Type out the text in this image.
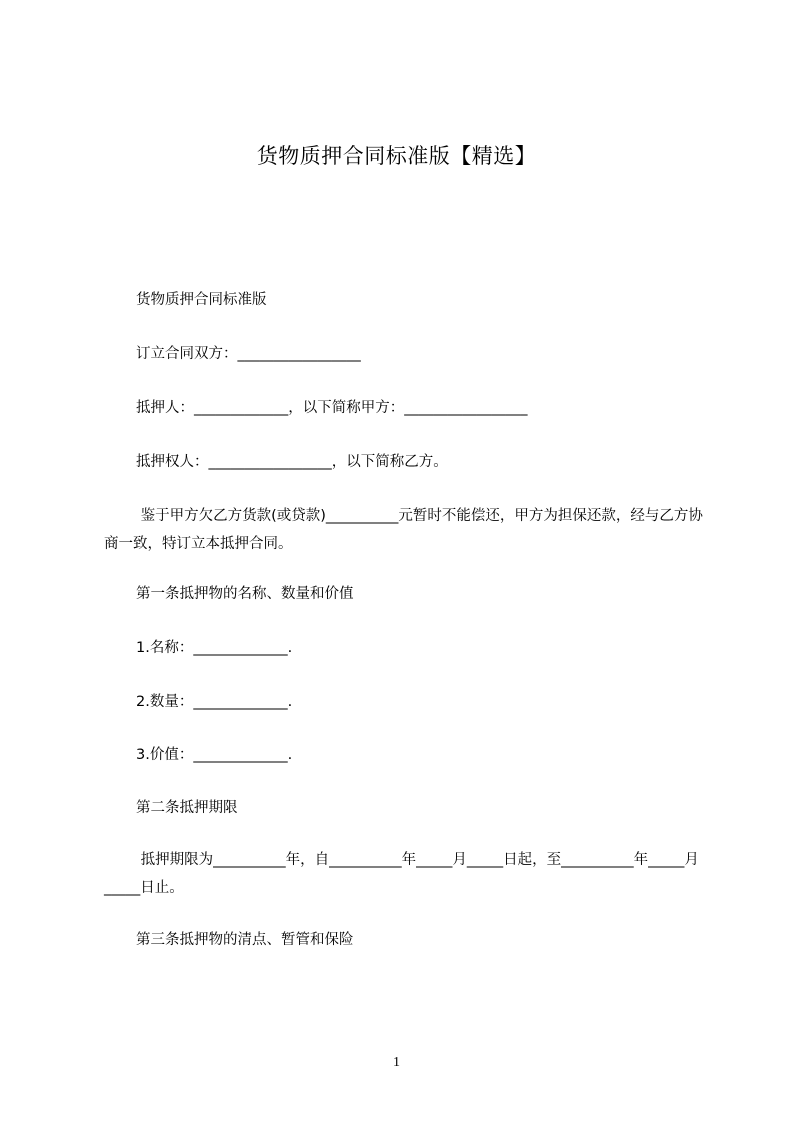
货物质押合同标准版【精选】
货物质押合同标准版
订立合同双方：_________________
抵押人：_____________，以下简称甲方：_________________
抵押权人：_________________，以下简称乙方。
鉴于甲方欠乙方货款(或贷款)__________元暂时不能偿还，甲方为担保还款，经与乙方协商一致，特订立本抵押合同。
第一条抵押物的名称、数量和价值
1.名称：_____________.
2.数量：_____________.
3.价值：_____________.
第二条抵押期限
抵押期限为__________年，自__________年_____月_____日起，至__________年_____月_____日止。
第三条抵押物的清点、暂管和保险
1
